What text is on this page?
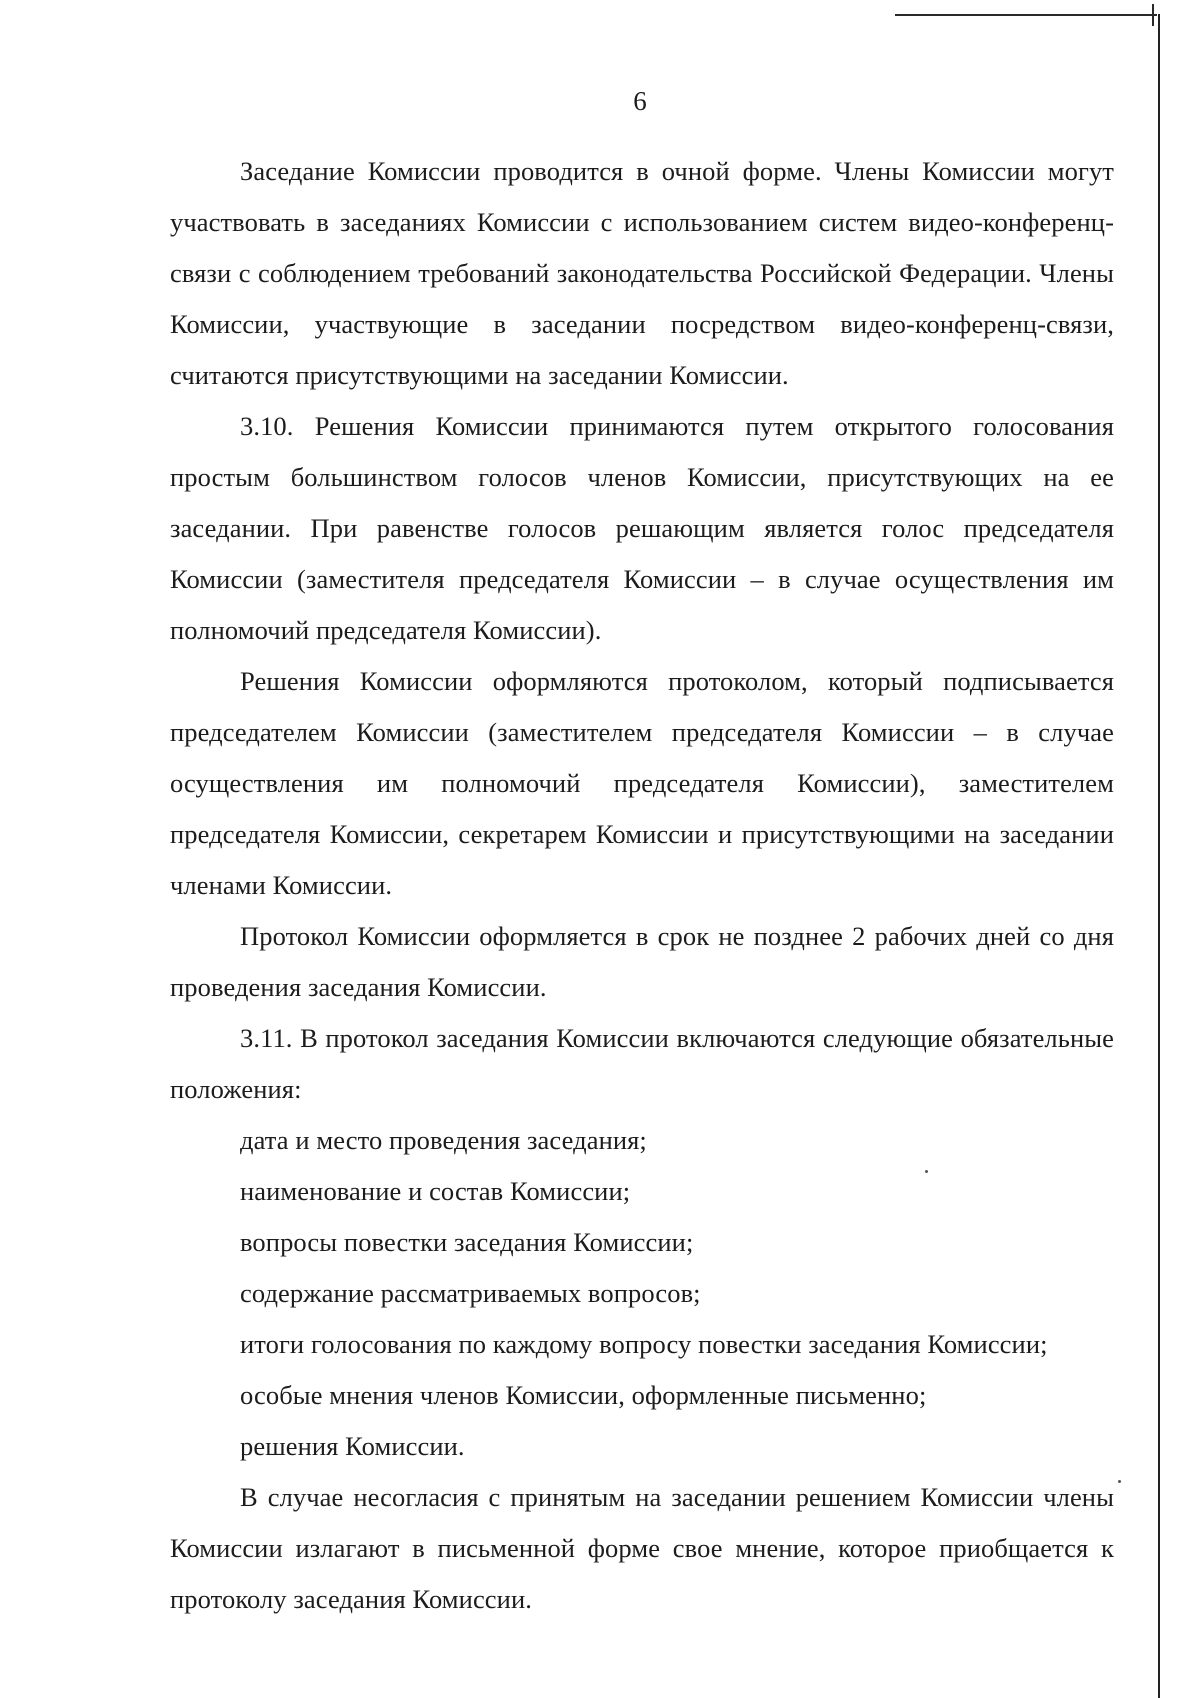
6

Заседание Комиссии проводится в очной форме. Члены Комиссии могут участвовать в заседаниях Комиссии с использованием систем видео-конференц-связи с соблюдением требований законодательства Российской Федерации. Члены Комиссии, участвующие в заседании посредством видео-конференц-связи, считаются присутствующими на заседании Комиссии.

3.10. Решения Комиссии принимаются путем открытого голосования простым большинством голосов членов Комиссии, присутствующих на ее заседании. При равенстве голосов решающим является голос председателя Комиссии (заместителя председателя Комиссии – в случае осуществления им полномочий председателя Комиссии).

Решения Комиссии оформляются протоколом, который подписывается председателем Комиссии (заместителем председателя Комиссии – в случае осуществления им полномочий председателя Комиссии), заместителем председателя Комиссии, секретарем Комиссии и присутствующими на заседании членами Комиссии.

Протокол Комиссии оформляется в срок не позднее 2 рабочих дней со дня проведения заседания Комиссии.

3.11. В протокол заседания Комиссии включаются следующие обязательные положения:

дата и место проведения заседания;

наименование и состав Комиссии;

вопросы повестки заседания Комиссии;

содержание рассматриваемых вопросов;

итоги голосования по каждому вопросу повестки заседания Комиссии;

особые мнения членов Комиссии, оформленные письменно;

решения Комиссии.

В случае несогласия с принятым на заседании решением Комиссии члены Комиссии излагают в письменной форме свое мнение, которое приобщается к протоколу заседания Комиссии.
